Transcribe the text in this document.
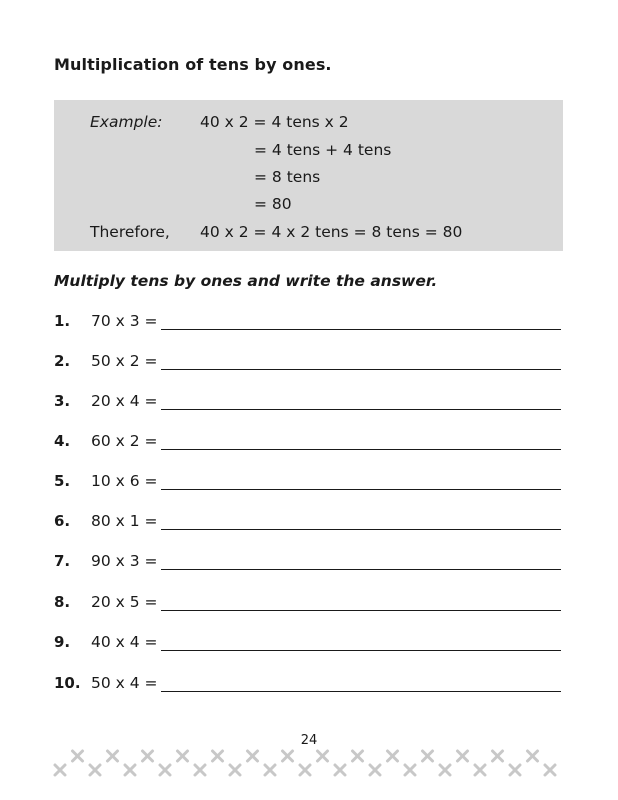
Multiplication of tens by ones.
Example: 40 x 2 = 4 tens x 2
= 4 tens + 4 tens
= 8 tens
= 80
Therefore, 40 x 2 = 4 x 2 tens = 8 tens = 80
Multiply tens by ones and write the answer.
1. 70 x 3 =
2. 50 x 2 =
3. 20 x 4 =
4. 60 x 2 =
5. 10 x 6 =
6. 80 x 1 =
7. 90 x 3 =
8. 20 x 5 =
9. 40 x 4 =
10. 50 x 4 =
24
